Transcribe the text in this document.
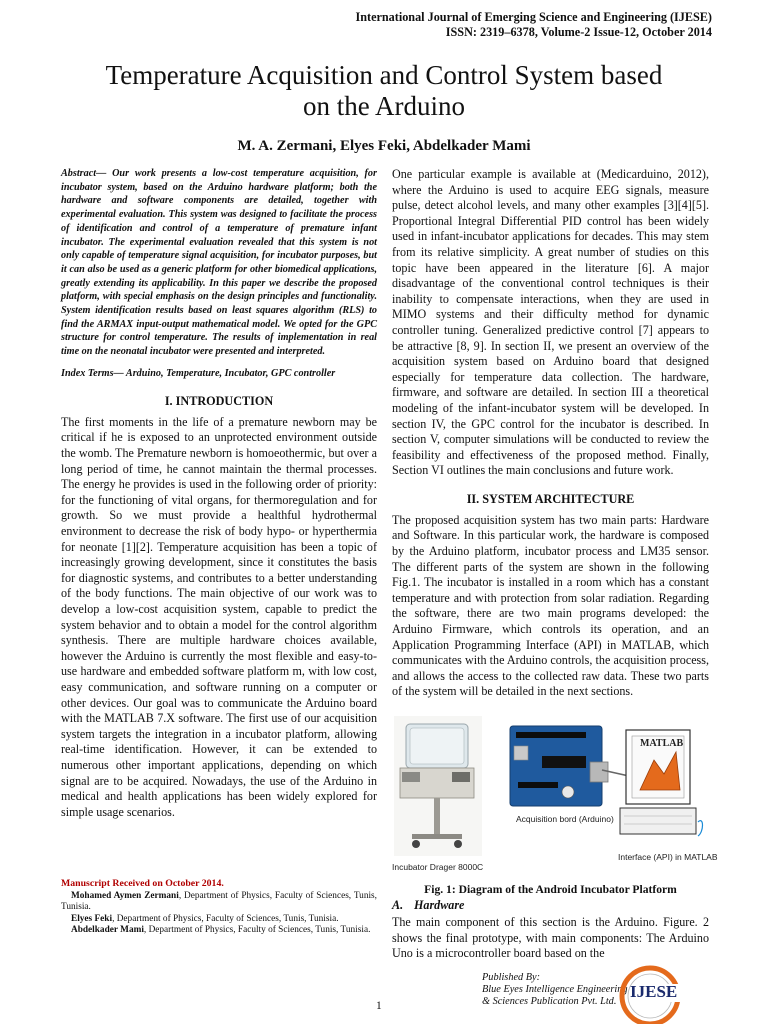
International Journal of Emerging Science and Engineering (IJESE)
ISSN: 2319–6378, Volume-2 Issue-12, October 2014
Temperature Acquisition and Control System based
on the Arduino
M. A. Zermani, Elyes Feki, Abdelkader Mami

Abstract— Our work presents a low-cost temperature acquisition, for incubator system, based on the Arduino hardware platform; both the hardware and software components are detailed, together with experimental evaluation. This system was designed to facilitate the process of identification and control of a temperature of premature infant incubator. The experimental evaluation revealed that this system is not only capable of temperature signal acquisition, for incubator purposes, but it can also be used as a generic platform for other biomedical applications, greatly extending its applicability. In this paper we describe the proposed platform, with special emphasis on the design principles and functionality. System identification results based on least squares algorithm (RLS) to find the ARMAX input-output mathematical model. We opted for the GPC structure for control temperature. The results of implementation in real time on the neonatal incubator were presented and interpreted.

Index Terms— Arduino, Temperature, Incubator, GPC controller

I. INTRODUCTION

The first moments in the life of a premature newborn may be critical if he is exposed to an unprotected environment outside the womb. The Premature newborn is homoeothermic, but over a long period of time, he cannot maintain the thermal processes. The energy he provides is used in the following order of priority: for the functioning of vital organs, for thermoregulation and for growth. So we must provide a healthful hydrothermal environment to decrease the risk of body hypo- or hyperthermia for neonate [1][2]. Temperature acquisition has been a topic of increasingly growing development, since it constitutes the basis for diagnostic systems, and contributes to a better understanding of the body functions. The main objective of our work was to develop a low-cost acquisition system, capable to predict the system behavior and to obtain a model for the control algorithm synthesis. There are multiple hardware choices available, however the Arduino is currently the most flexible and easy-to-use hardware and embedded software platform m, with low cost, easy communication, and software running on a computer or other devices. Our goal was to communicate the Arduino board with the MATLAB 7.X software. The first use of our acquisition system targets the integration in a incubator platform, allowing real-time identification. However, it can be extended to numerous other important applications, depending on which signal are to be acquired. Nowadays, the use of the Arduino in medical and health applications has been widely explored for simple usage scenarios.

Manuscript Received on October 2014.

Mohamed Aymen Zermani, Department of Physics, Faculty of Sciences, Tunis, Tunisia.

Elyes Feki, Department of Physics, Faculty of Sciences, Tunis, Tunisia.

Abdelkader Mami, Department of Physics, Faculty of Sciences, Tunis, Tunisia.

One particular example is available at (Medicarduino, 2012), where the Arduino is used to acquire EEG signals, measure pulse, detect alcohol levels, and many other examples [3][4][5]. Proportional Integral Differential PID control has been widely used in infant-incubator applications for decades. This may stem from its relative simplicity. A great number of studies on this topic have been appeared in the literature [6]. A major disadvantage of the conventional control techniques is their inability to compensate interactions, when they are used in MIMO systems and their difficulty method for dynamic controller tuning. Generalized predictive control [7] appears to be attractive [8, 9]. In section II, we present an overview of the acquisition system based on Arduino board that designed especially for temperature data collection. The hardware, firmware, and software are detailed. In section III a theoretical modeling of the infant-incubator system will be developed. In section IV, the GPC control for the incubator is described. In section V, computer simulations will be conducted to review the feasibility and effectiveness of the proposed method. Finally, Section VI outlines the main conclusions and future work.

II. SYSTEM ARCHITECTURE

The proposed acquisition system has two main parts: Hardware and Software. In this particular work, the hardware is composed by the Arduino platform, incubator process and LM35 sensor. The different parts of the system are shown in the following Fig.1. The incubator is installed in a room which has a constant temperature and with protection from solar radiation. Regarding the software, there are two main programs developed: the Arduino Firmware, which controls its operation, and an Application Programming Interface (API) in MATLAB, which communicates with the Arduino controls, the acquisition process, and allows the access to the collected raw data. These two parts of the system will be detailed in the next sections.

MATLAB
Acquisition bord (Arduino)
Incubator Drager 8000C
Interface (API) in MATLAB
Fig. 1: Diagram of the Android Incubator Platform
A. Hardware

The main component of this section is the Arduino. Figure. 2 shows the final prototype, with main components: The Arduino Uno is a microcontroller board based on the

1
Published By:
Blue Eyes Intelligence Engineering
& Sciences Publication Pvt. Ltd.
IJESE
